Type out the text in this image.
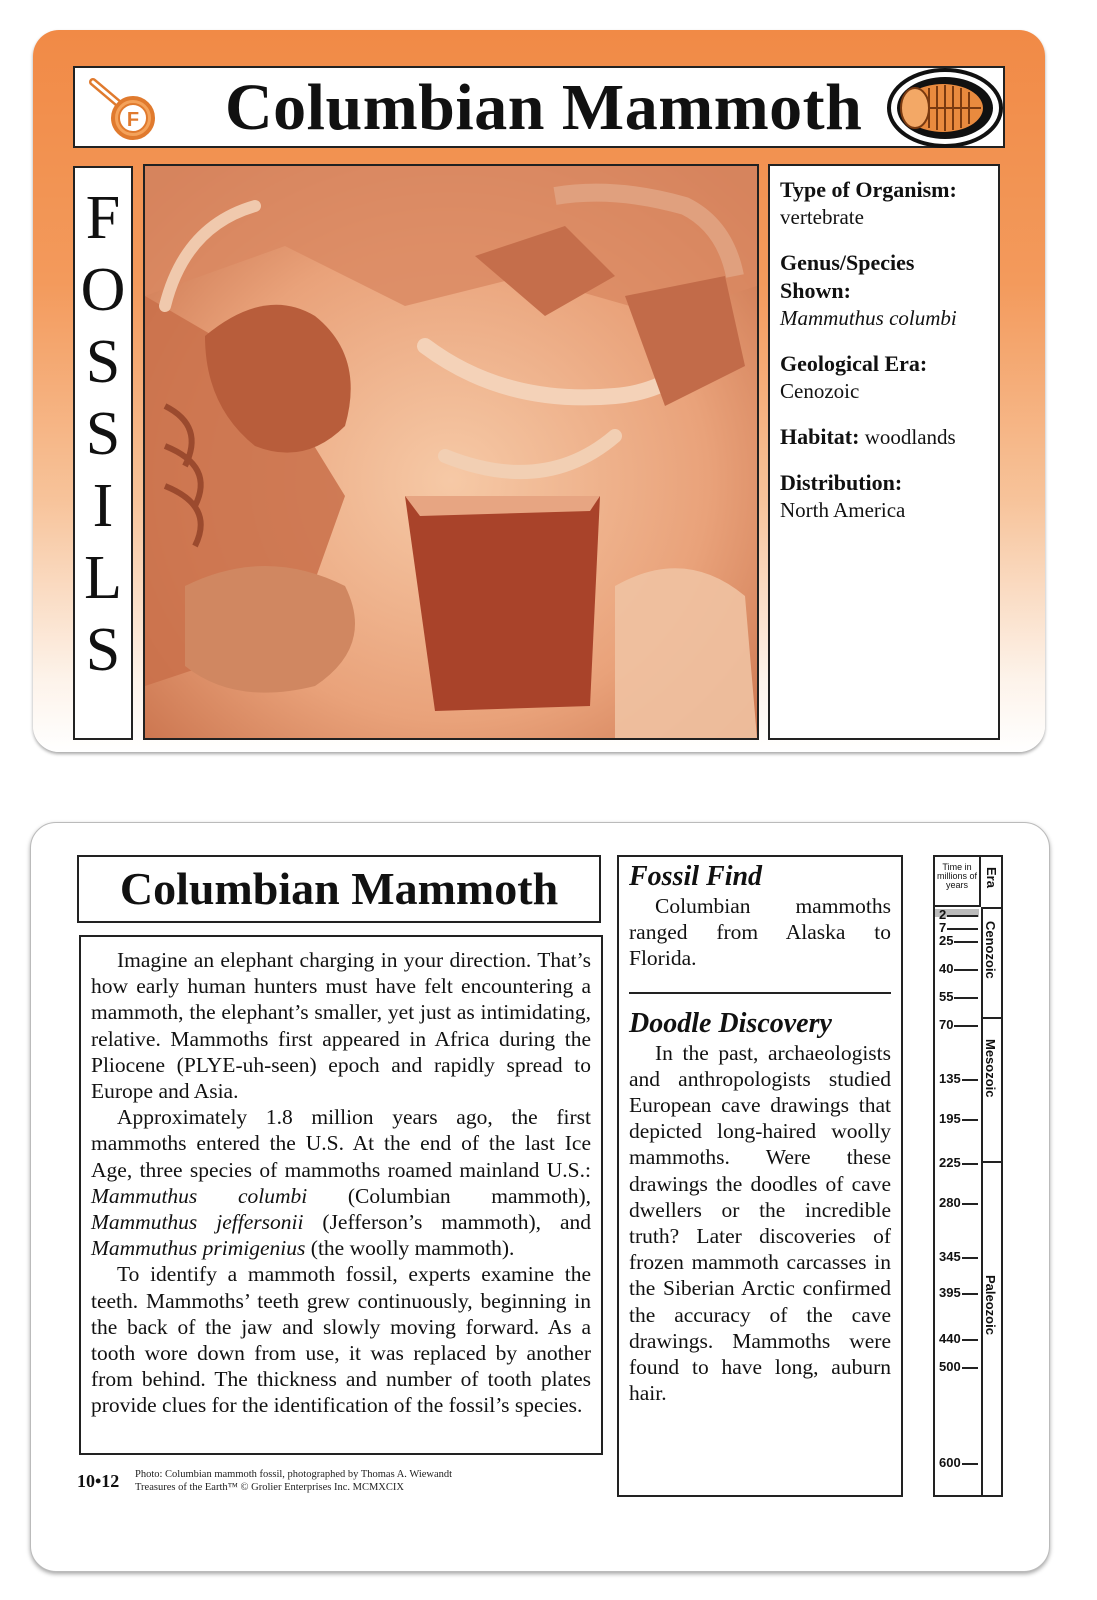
F Columbian Mammoth
F
O
S
S
I
L
S

Type of Organism:
vertebrate

Genus/Species Shown:
Mammuthus columbi

Geological Era:
Cenozoic

Habitat: woodlands

Distribution:
North America

Columbian Mammoth

Imagine an elephant charging in your direction. That’s how early human hunters must have felt encountering a mammoth, the elephant’s smaller, yet just as intimidating, relative. Mammoths first appeared in Africa during the Pliocene (PLYE-uh-seen) epoch and rapidly spread to Europe and Asia.

Approximately 1.8 million years ago, the first mammoths entered the U.S. At the end of the last Ice Age, three species of mammoths roamed mainland U.S.: Mammuthus columbi (Columbian mammoth), Mammuthus jeffersonii (Jefferson’s mammoth), and Mammuthus primigenius (the woolly mammoth).

To identify a mammoth fossil, experts examine the teeth. Mammoths’ teeth grew continuously, beginning in the back of the jaw and slowly moving forward. As a tooth wore down from use, it was replaced by another from behind. The thickness and number of tooth plates provide clues for the identification of the fossil’s species.

10•12 Photo: Columbian mammoth fossil, photographed by Thomas A. Wiewandt
Treasures of the Earth™ © Grolier Enterprises Inc. MCMXCIX
Fossil Find

Columbian mammoths ranged from Alaska to Florida.

Doodle Discovery

In the past, archaeologists and anthropologists studied European cave drawings that depicted long-haired woolly mammoths. Were these drawings the doodles of cave dwellers or the incredible truth? Later discoveries of frozen mammoth carcasses in the Siberian Arctic confirmed the accuracy of the cave drawings. Mammoths were found to have long, auburn hair.

Time in millions of years	Era
Cenozoic
Mesozoic
Paleozoic
2
7
25
40
55
70
135
195
225
280
345
395
440
500
600
